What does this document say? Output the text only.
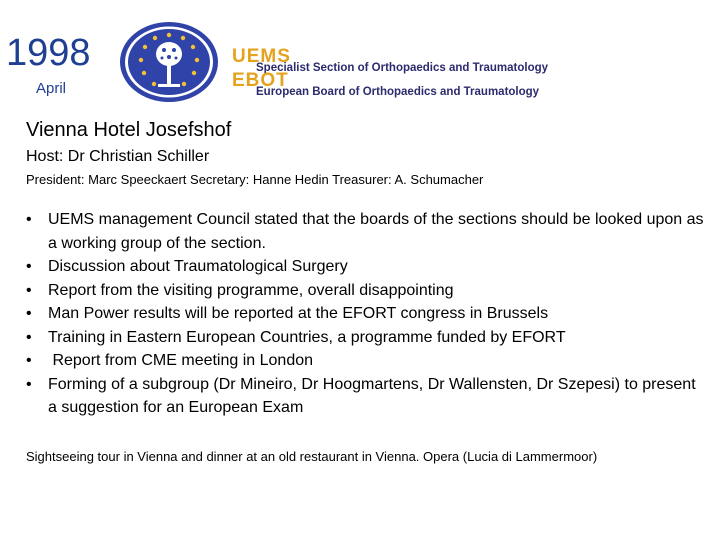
1998
April
UEMS
Specialist Section of Orthopaedics and Traumatology
EBOT
European Board of Orthopaedics and Traumatology
Vienna Hotel Josefshof
Host: Dr Christian Schiller
President: Marc Speeckaert Secretary: Hanne Hedin Treasurer: A. Schumacher
• UEMS management Council stated that the boards of the sections should be looked upon as a working group of the section.
• Discussion about Traumatological Surgery
• Report from the visiting programme, overall disappointing
• Man Power results will be reported at the EFORT congress in Brussels
• Training in Eastern European Countries, a programme funded by EFORT
• Report from CME meeting in London
• Forming of a subgroup (Dr Mineiro, Dr Hoogmartens, Dr Wallensten, Dr Szepesi) to present a suggestion for an European Exam
Sightseeing tour in Vienna and dinner at an old restaurant in Vienna. Opera (Lucia di Lammermoor)
